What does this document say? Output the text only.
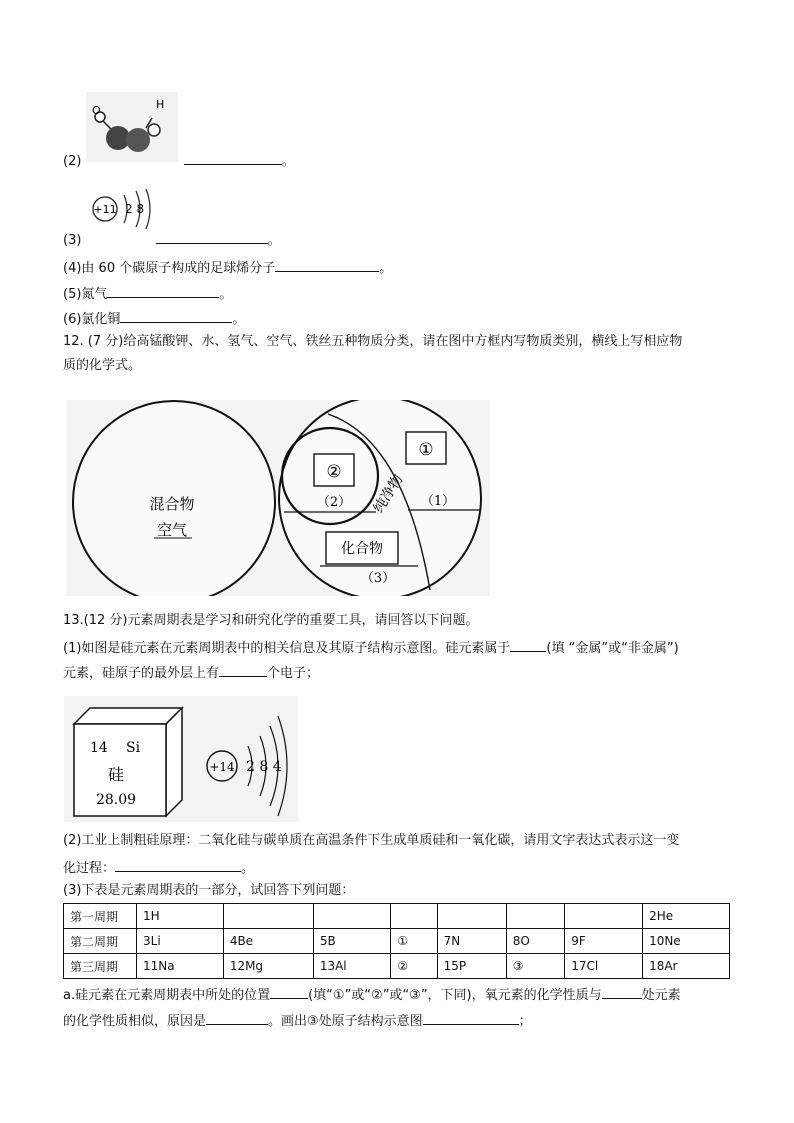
O	H
(2)	。
+11 2 8
(3)	。
(4)由 60 个碳原子构成的足球烯分子	。
(5)氮气	。
(6)氯化铜	。
12. (7 分)给高锰酸钾、水、氢气、空气、铁丝五种物质分类，请在图中方框内写物质类别，横线上写相应物
质的化学式。
混合物
空气
①
②
（1）
（2）
（3）
化合物
纯净物
13.(12 分)元素周期表是学习和研究化学的重要工具，请回答以下问题。
(1)如图是硅元素在元素周期表中的相关信息及其原子结构示意图。硅元素属于	(填 “金属”或“非金属”)
元素，硅原子的最外层上有	个电子；
14 Si
硅
28.09
+14 2 8 4
(2)工业上制粗硅原理：二氧化硅与碳单质在高温条件下生成单质硅和一氧化碳，请用文字表达式表示这一变
化过程：	。
(3)下表是元素周期表的一部分，试回答下列问题：
第一周期	1H							2He
第二周期	3Li	4Be	5B	①	7N	8O	9F	10Ne
第三周期	11Na	12Mg	13Al	②	15P	③	17Cl	18Ar
a.硅元素在元素周期表中所处的位置	(填“①”或“②”或“③”，下同)，氧元素的化学性质与	处元素
的化学性质相似，原因是	。画出③处原子结构示意图	；
